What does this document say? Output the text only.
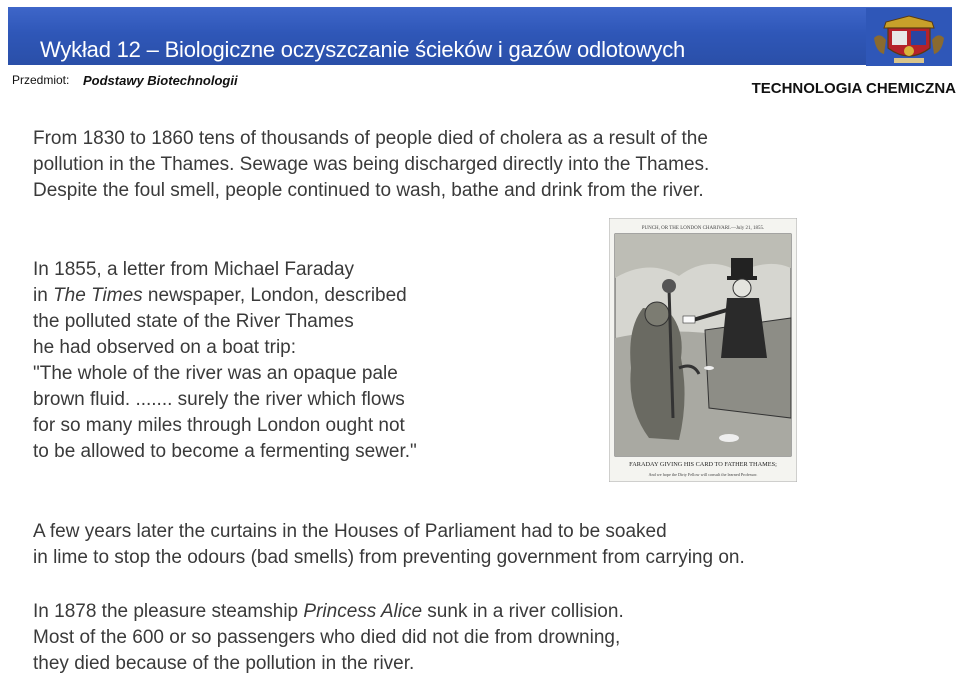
Wykład 12 – Biologiczne oczyszczanie ścieków i gazów odlotowych
Przedmiot: Podstawy Biotechnologii	TECHNOLOGIA CHEMICZNA

From 1830 to 1860 tens of thousands of people died of cholera as a result of the pollution in the Thames. Sewage was being discharged directly into the Thames. Despite the foul smell, people continued to wash, bathe and drink from the river.

In 1855, a letter from Michael Faraday
in The Times newspaper, London, described
the polluted state of the River Thames
he had observed on a boat trip:
"The whole of the river was an opaque pale
brown fluid. ....... surely the river which flows
for so many miles through London ought not
to be allowed to become a fermenting sewer."
PUNCH, OR THE LONDON CHARIVARI.—July 21, 1855.
FARADAY GIVING HIS CARD TO FATHER THAMES;
And we hope the Dirty Fellow will consult the learned Professor.
A few years later the curtains in the Houses of Parliament had to be soaked
in lime to stop the odours (bad smells) from preventing government from carrying on.
In 1878 the pleasure steamship Princess Alice sunk in a river collision.
Most of the 600 or so passengers who died did not die from drowning,
they died because of the pollution in the river.
